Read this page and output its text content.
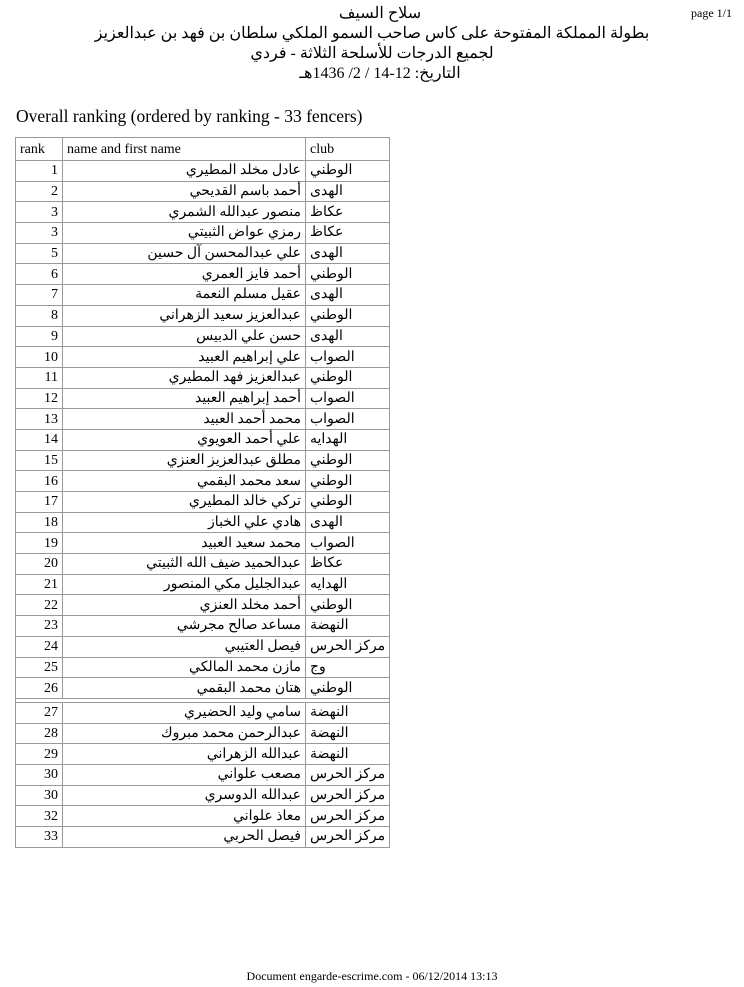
page 1/1
سلاح السيف
بطولة المملكة المفتوحة على كاس صاحب السمو الملكي سلطان بن فهد بن عبدالعزيز
لجميع الدرجات للأسلحة الثلاثة - فردي
التاريخ: 12-14 / 2/ 1436هـ
Overall ranking (ordered by ranking - 33 fencers)
rank	name and first name	club
1	عادل مخلد المطيري	الوطني
2	أحمد باسم القديحي	الهدى
3	منصور عبدالله الشمري	عكاظ
3	رمزي عواض الثبيتي	عكاظ
5	علي عبدالمحسن آل حسين	الهدى
6	أحمد فايز العمري	الوطني
7	عقيل مسلم النعمة	الهدى
8	عبدالعزيز سعيد الزهراني	الوطني
9	حسن علي الدبيس	الهدى
10	علي إبراهيم العبيد	الصواب
11	عبدالعزيز فهد المطيري	الوطني
12	أحمد إبراهيم العبيد	الصواب
13	محمد أحمد العبيد	الصواب
14	علي أحمد العويوي	الهدايه
15	مطلق عبدالعزيز العنزي	الوطني
16	سعد محمد البقمي	الوطني
17	تركي خالد المطيري	الوطني
18	هادي علي الخباز	الهدى
19	محمد سعيد العبيد	الصواب
20	عبدالحميد ضيف الله الثبيتي	عكاظ
21	عبدالجليل مكي المنصور	الهدايه
22	أحمد مخلد العنزي	الوطني
23	مساعد صالح مجرشي	النهضة
24	فيصل العتيبي	مركز الحرس
25	مازن محمد المالكي	وج
26	هتان محمد البقمي	الوطني

27	سامي وليد الحضيري	النهضة
28	عبدالرحمن محمد مبروك	النهضة
29	عبدالله الزهراني	النهضة
30	مصعب علواني	مركز الحرس
30	عبدالله الدوسري	مركز الحرس
32	معاذ علواني	مركز الحرس
33	فيصل الحربي	مركز الحرس
Document engarde-escrime.com - 06/12/2014 13:13
